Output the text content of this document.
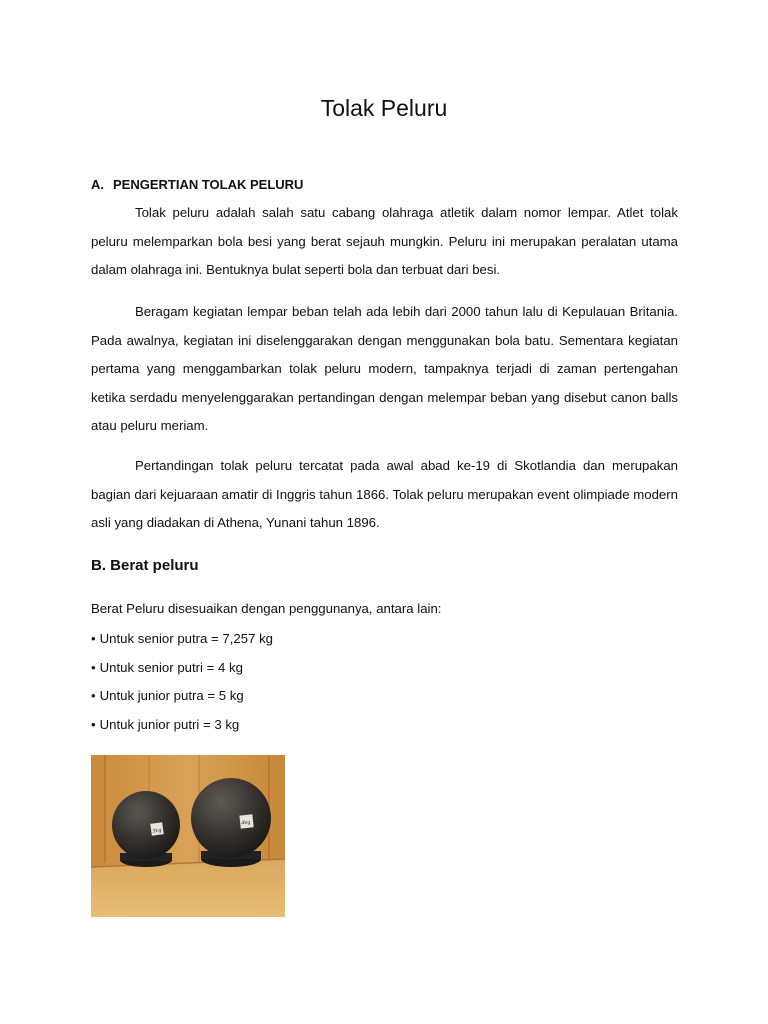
Tolak Peluru
A. PENGERTIAN TOLAK PELURU

Tolak peluru adalah salah satu cabang olahraga atletik dalam nomor lempar. Atlet tolak peluru melemparkan bola besi yang berat sejauh mungkin. Peluru ini merupakan peralatan utama dalam olahraga ini. Bentuknya bulat seperti bola dan terbuat dari besi.

Beragam kegiatan lempar beban telah ada lebih dari 2000 tahun lalu di Kepulauan Britania. Pada awalnya, kegiatan ini diselenggarakan dengan menggunakan bola batu. Sementara kegiatan pertama yang menggambarkan tolak peluru modern, tampaknya terjadi di zaman pertengahan ketika serdadu menyelenggarakan pertandingan dengan melempar beban yang disebut canon balls atau peluru meriam.

Pertandingan tolak peluru tercatat pada awal abad ke-19 di Skotlandia dan merupakan bagian dari kejuaraan amatir di Inggris tahun 1866. Tolak peluru merupakan event olimpiade modern asli yang diadakan di Athena, Yunani tahun 1896.

B. Berat peluru

Berat Peluru disesuaikan dengan penggunanya, antara lain:

• Untuk senior putra = 7,257 kg
• Untuk senior putri = 4 kg
• Untuk junior putra = 5 kg
• Untuk junior putri = 3 kg
3kg
4kg
